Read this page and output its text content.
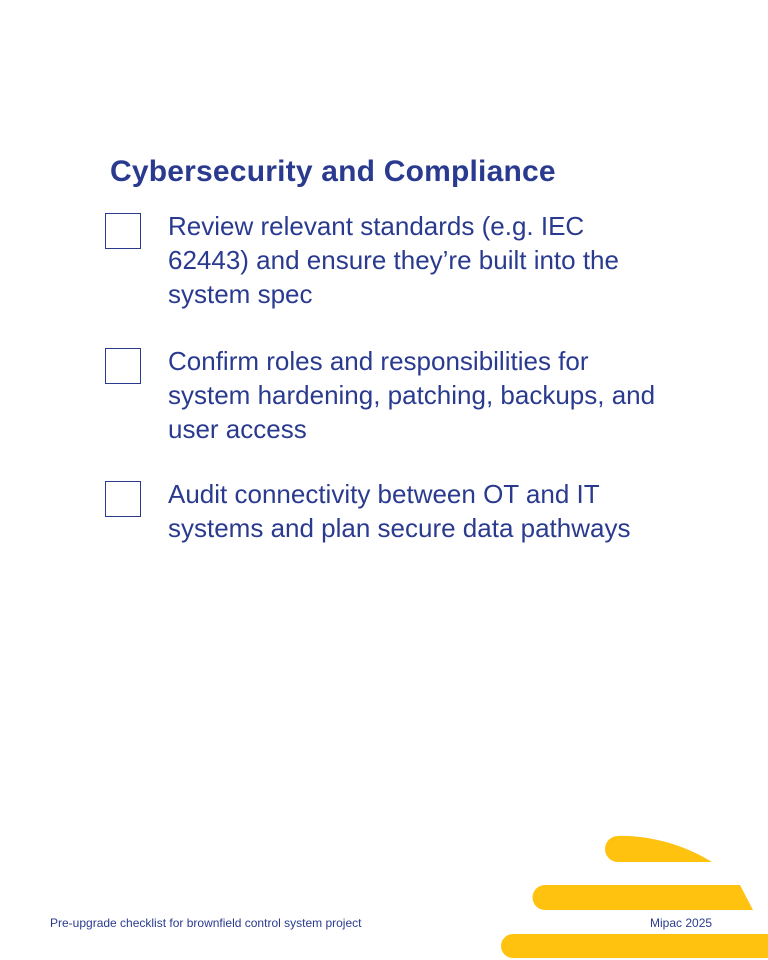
Cybersecurity and Compliance
Review relevant standards (e.g. IEC 62443) and ensure they’re built into the system spec
Confirm roles and responsibilities for system hardening, patching, backups, and user access
Audit connectivity between OT and IT systems and plan secure data pathways
Pre-upgrade checklist for brownfield control system project	Mipac 2025
